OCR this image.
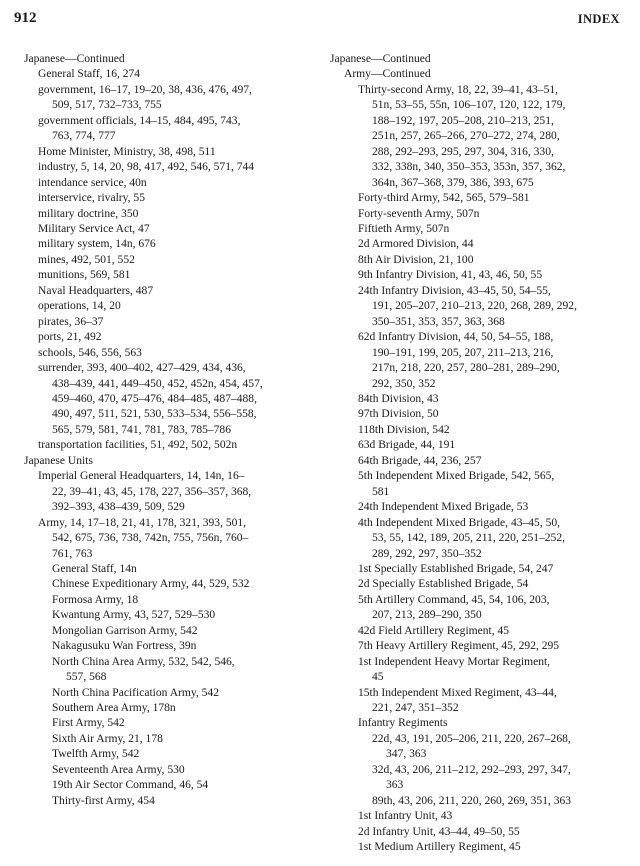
912	INDEX
Japanese—Continued
General Staff, 16, 274
government, 16–17, 19–20, 38, 436, 476, 497,
509, 517, 732–733, 755
government officials, 14–15, 484, 495, 743,
763, 774, 777
Home Minister, Ministry, 38, 498, 511
industry, 5, 14, 20, 98, 417, 492, 546, 571, 744
intendance service, 40n
interservice, rivalry, 55
military doctrine, 350
Military Service Act, 47
military system, 14n, 676
mines, 492, 501, 552
munitions, 569, 581
Naval Headquarters, 487
operations, 14, 20
pirates, 36–37
ports, 21, 492
schools, 546, 556, 563
surrender, 393, 400–402, 427–429, 434, 436,
438–439, 441, 449–450, 452, 452n, 454, 457,
459–460, 470, 475–476, 484–485, 487–488,
490, 497, 511, 521, 530, 533–534, 556–558,
565, 579, 581, 741, 781, 783, 785–786
transportation facilities, 51, 492, 502, 502n
Japanese Units
Imperial General Headquarters, 14, 14n, 16–
22, 39–41, 43, 45, 178, 227, 356–357, 368,
392–393, 438–439, 509, 529
Army, 14, 17–18, 21, 41, 178, 321, 393, 501,
542, 675, 736, 738, 742n, 755, 756n, 760–
761, 763
General Staff, 14n
Chinese Expeditionary Army, 44, 529, 532
Formosa Army, 18
Kwantung Army, 43, 527, 529–530
Mongolian Garrison Army, 542
Nakagusuku Wan Fortress, 39n
North China Area Army, 532, 542, 546,
557, 568
North China Pacification Army, 542
Southern Area Army, 178n
First Army, 542
Sixth Air Army, 21, 178
Twelfth Army, 542
Seventeenth Area Army, 530
19th Air Sector Command, 46, 54
Thirty-first Army, 454
Japanese—Continued
Army—Continued
Thirty-second Army, 18, 22, 39–41, 43–51,
51n, 53–55, 55n, 106–107, 120, 122, 179,
188–192, 197, 205–208, 210–213, 251,
251n, 257, 265–266, 270–272, 274, 280,
288, 292–293, 295, 297, 304, 316, 330,
332, 338n, 340, 350–353, 353n, 357, 362,
364n, 367–368, 379, 386, 393, 675
Forty-third Army, 542, 565, 579–581
Forty-seventh Army, 507n
Fiftieth Army, 507n
2d Armored Division, 44
8th Air Division, 21, 100
9th Infantry Division, 41, 43, 46, 50, 55
24th Infantry Division, 43–45, 50, 54–55,
191, 205–207, 210–213, 220, 268, 289, 292,
350–351, 353, 357, 363, 368
62d Infantry Division, 44, 50, 54–55, 188,
190–191, 199, 205, 207, 211–213, 216,
217n, 218, 220, 257, 280–281, 289–290,
292, 350, 352
84th Division, 43
97th Division, 50
118th Division, 542
63d Brigade, 44, 191
64th Brigade, 44, 236, 257
5th Independent Mixed Brigade, 542, 565,
581
24th Independent Mixed Brigade, 53
4th Independent Mixed Brigade, 43–45, 50,
53, 55, 142, 189, 205, 211, 220, 251–252,
289, 292, 297, 350–352
1st Specially Established Brigade, 54, 247
2d Specially Established Brigade, 54
5th Artillery Command, 45, 54, 106, 203,
207, 213, 289–290, 350
42d Field Artillery Regiment, 45
7th Heavy Artillery Regiment, 45, 292, 295
1st Independent Heavy Mortar Regiment,
45
15th Independent Mixed Regiment, 43–44,
221, 247, 351–352
Infantry Regiments
22d, 43, 191, 205–206, 211, 220, 267–268,
347, 363
32d, 43, 206, 211–212, 292–293, 297, 347,
363
89th, 43, 206, 211, 220, 260, 269, 351, 363
1st Infantry Unit, 43
2d Infantry Unit, 43–44, 49–50, 55
1st Medium Artillery Regiment, 45
